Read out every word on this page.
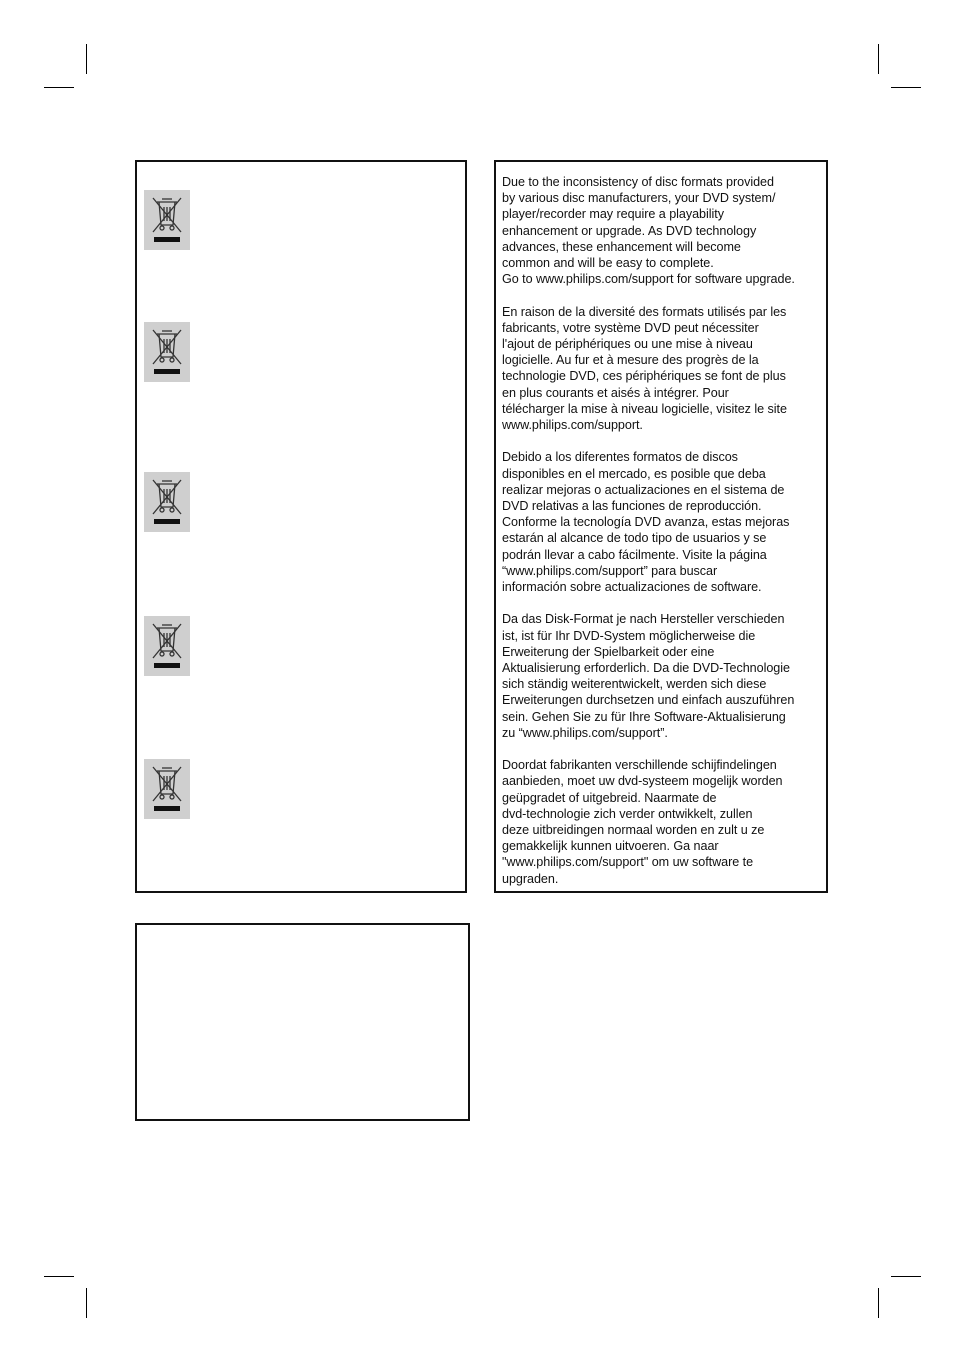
Due to the inconsistency of disc formats provided
by various disc manufacturers, your DVD system/
player/recorder may require a playability
enhancement or upgrade. As DVD technology
advances, these enhancement will become
common and will be easy to complete.
Go to www.philips.com/support for software upgrade.

En raison de la diversité des formats utilisés par les
fabricants, votre système DVD peut nécessiter
l'ajout de périphériques ou une mise à niveau
logicielle. Au fur et à mesure des progrès de la
technologie DVD, ces périphériques se font de plus
en plus courants et aisés à intégrer. Pour
télécharger la mise à niveau logicielle, visitez le site
www.philips.com/support.

Debido a los diferentes formatos de discos
disponibles en el mercado, es posible que deba
realizar mejoras o actualizaciones en el sistema de
DVD relativas a las funciones de reproducción.
Conforme la tecnología DVD avanza, estas mejoras
estarán al alcance de todo tipo de usuarios y se
podrán llevar a cabo fácilmente. Visite la página
“www.philips.com/support” para buscar
información sobre actualizaciones de software.

Da das Disk-Format je nach Hersteller verschieden
ist, ist für Ihr DVD-System möglicherweise die
Erweiterung der Spielbarkeit oder eine
Aktualisierung erforderlich. Da die DVD-Technologie
sich ständig weiterentwickelt, werden sich diese
Erweiterungen durchsetzen und einfach auszuführen
sein. Gehen Sie zu für Ihre Software-Aktualisierung
zu “www.philips.com/support”.

Doordat fabrikanten verschillende schijfindelingen
aanbieden, moet uw dvd-systeem mogelijk worden
geüpgradet of uitgebreid. Naarmate de
dvd-technologie zich verder ontwikkelt, zullen
deze uitbreidingen normaal worden en zult u ze
gemakkelijk kunnen uitvoeren. Ga naar
"www.philips.com/support" om uw software te
upgraden.
